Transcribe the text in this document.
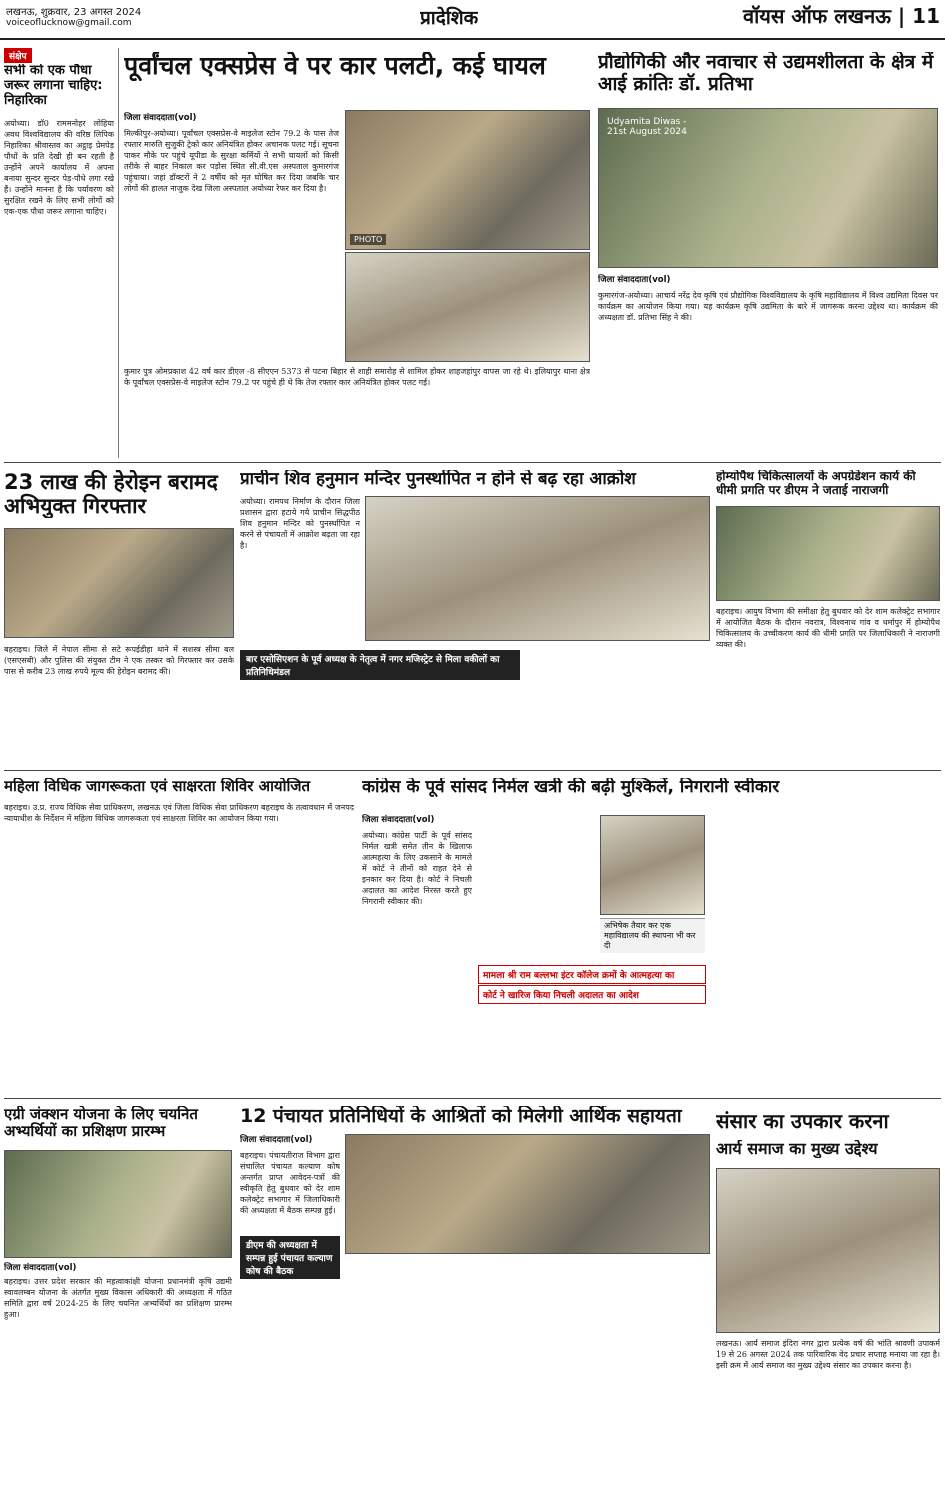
लखनऊ, शुक्रवार, 23 अगस्त 2024
voiceoflucknow@gmail.com	प्रादेशिक	वॉयस ऑफ लखनऊ | 11
संक्षेप
सभी को एक पौधा जरूर लगाना चाहिए: निहारिका
अयोध्या। डॉ0 राममनोहर लोहिया अवध विश्वविद्यालय की वरिष्ठ लिपिक निहारिका श्रीवास्तव का अट्ठाइ प्रेमपेड़ पौधों के प्रति देखी ही बन रहती है उन्होंने अपने कार्यालय में अपना बनाया सुन्दर सुन्दर पेड़-पौधे लगा रखे हैं। उन्होंने मानना है कि पर्यावरण को सुरक्षित रखने के लिए सभी लोगों को एक-एक पौधा जरूर लगाना चाहिए।
पूर्वांचल एक्सप्रेस वे पर कार पलटी, कई घायल
जिला संवाददाता(vol)
मिल्कीपुर-अयोध्या। पूर्वांचल एक्सप्रेस-वे माइलेज स्टोन 79.2 के पास तेज रफ्तार मारुति सुजुकी ट्रेको कार अनियंत्रित होकर अचानक पलट गई। सूचना पाकर मौके पर पहुंचे यूपीडा के सुरक्षा कर्मियों ने सभी घायलों को किसी तरीके से बाहर निकाल कर पड़ोस स्थित सी.वी.एस अस्पताल कुमारगंज पहुंचाया। जहां डॉक्टरों ने 2 वर्षीय को मृत घोषित कर दिया जबकि चार लोगों की हालत नाजुक देख जिला अस्पताल अयोध्या रेफर कर दिया है।
PHOTO
कुमार पुत्र ओमप्रकाश 42 वर्ष कार डीएल -8 सीएएन 5373 से पटना बिहार से शाही समारोह से शामिल होकर शाहजहांपुर वापस जा रहे थे। इलियापुर थाना क्षेत्र के पूर्वांचल एक्सप्रेस-वे माइलेज स्टोन 79.2 पर पहुंचे ही थे कि तेज रफ्तार कार अनियंत्रित होकर पलट गई।
प्रौद्योगिकी और नवाचार से उद्यमशीलता के क्षेत्र में आई क्रांतिः डॉ. प्रतिभा
Udyamita Diwas - 21st August 2024
जिला संवाददाता(vol)
कुमारगंज-अयोध्या। आचार्य नरेंद्र देव कृषि एवं प्रौद्योगिक विश्वविद्यालय के कृषि महाविद्यालय में विश्व उद्यमिता दिवस पर कार्यक्रम का आयोजन किया गया। यह कार्यक्रम कृषि उद्यमिता के बारे में जागरूक करना उद्देश्य था। कार्यक्रम की अध्यक्षता डॉ. प्रतिभा सिंह ने की।
23 लाख की हेरोइन बरामद अभियुक्त गिरफ्तार
बहराइच। जिले में नेपाल सीमा से सटे रूपईडीहा थाने में सशस्त्र सीमा बल (एसएसबी) और पुलिस की संयुक्त टीम ने एक तस्कर को गिरफ्तार कर उसके पास से करीब 23 लाख रुपये मूल्य की हेरोइन बरामद की।
प्राचीन शिव हनुमान मन्दिर पुनर्स्थापित न होने से बढ़ रहा आक्रोश
अयोध्या। रामपथ निर्माण के दौरान जिला प्रशासन द्वारा हटाये गये प्राचीन सिद्धपीठ शिव हनुमान मन्दिर को पुनर्स्थापित न करने से पंचायतों में आक्रोश बढ़ता जा रहा है।
बार एसोसिएशन के पूर्व अध्यक्ष के नेतृत्व में नगर मजिस्ट्रेट से मिला वकीलों का प्रतिनिधिमंडल
होम्योपैथ चिकित्सालयों के अपग्रेडेशन कार्य की धीमी प्रगति पर डीएम ने जताई नाराजगी
बहराइच। आयुष विभाग की समीक्षा हेतु बुधवार को देर शाम कलेक्ट्रेट सभागार में आयोजित बैठक के दौरान नवरात्र, विश्वनाथ गांव व धर्मापुर में होम्योपैथ चिकित्सालय के उच्चीकरण कार्य की धीमी प्रगति पर जिलाधिकारी ने नाराजगी व्यक्त की।
महिला विधिक जागरूकता एवं साक्षरता शिविर आयोजित
बहराइच। उ.प्र. राज्य विधिक सेवा प्राधिकरण, लखनऊ एवं जिला विधिक सेवा प्राधिकरण बहराइच के तत्वावधान में जनपद न्यायाधीश के निर्देशन में महिला विधिक जागरूकता एवं साक्षरता शिविर का आयोजन किया गया।
कांग्रेस के पूर्व सांसद निर्मल खत्री की बढ़ी मुश्किलें, निगरानी स्वीकार
जिला संवाददाता(vol)
अयोध्या। कांग्रेस पार्टी के पूर्व सांसद निर्मल खत्री समेत तीन के खिलाफ आत्महत्या के लिए उकसाने के मामले में कोर्ट ने तीनों को राहत देने से इनकार कर दिया है। कोर्ट ने निचली अदालत का आदेश निरस्त करते हुए निगरानी स्वीकार की।
अभिषेक तैयार कर एक महाविद्यालय की स्थापना भी कर दी
मामला श्री राम बल्लभा इंटर कॉलेज क्रमों के आत्महत्या का
कोर्ट ने खारिज किया निचली अदालत का आदेश
एग्री जंक्शन योजना के लिए चयनित अभ्यर्थियों का प्रशिक्षण प्रारम्भ
जिला संवाददाता(vol)
बहराइच। उत्तर प्रदेश सरकार की महत्वाकांक्षी योजना प्रधानमंत्री कृषि उद्यमी स्वावलम्बन योजना के अंतर्गत मुख्य विकास अधिकारी की अध्यक्षता में गठित समिति द्वारा वर्ष 2024-25 के लिए चयनित अभ्यर्थियों का प्रशिक्षण प्रारम्भ हुआ।
12 पंचायत प्रतिनिधियों के आश्रितों को मिलेगी आर्थिक सहायता
जिला संवाददाता(vol)
बहराइच। पंचायतीराज विभाग द्वारा संचालित पंचायत कल्याण कोष अन्तर्गत प्राप्त आवेदन-पत्रों की स्वीकृति हेतु बुधवार को देर शाम कलेक्ट्रेट सभागार में जिलाधिकारी की अध्यक्षता में बैठक सम्पन्न हुई।
डीएम की अध्यक्षता में सम्पन्न हुई पंचायत कल्याण कोष की बैठक
संसार का उपकार करना
आर्य समाज का मुख्य उद्देश्य
लखनऊ। आर्य समाज इंदिरा नगर द्वारा प्रत्येक वर्ष की भांति श्रावणी उपाकर्म 19 से 26 अगस्त 2024 तक पारिवारिक वेद प्रचार सप्ताह मनाया जा रहा है। इसी क्रम में आर्य समाज का मुख्य उद्देश्य संसार का उपकार करना है।
